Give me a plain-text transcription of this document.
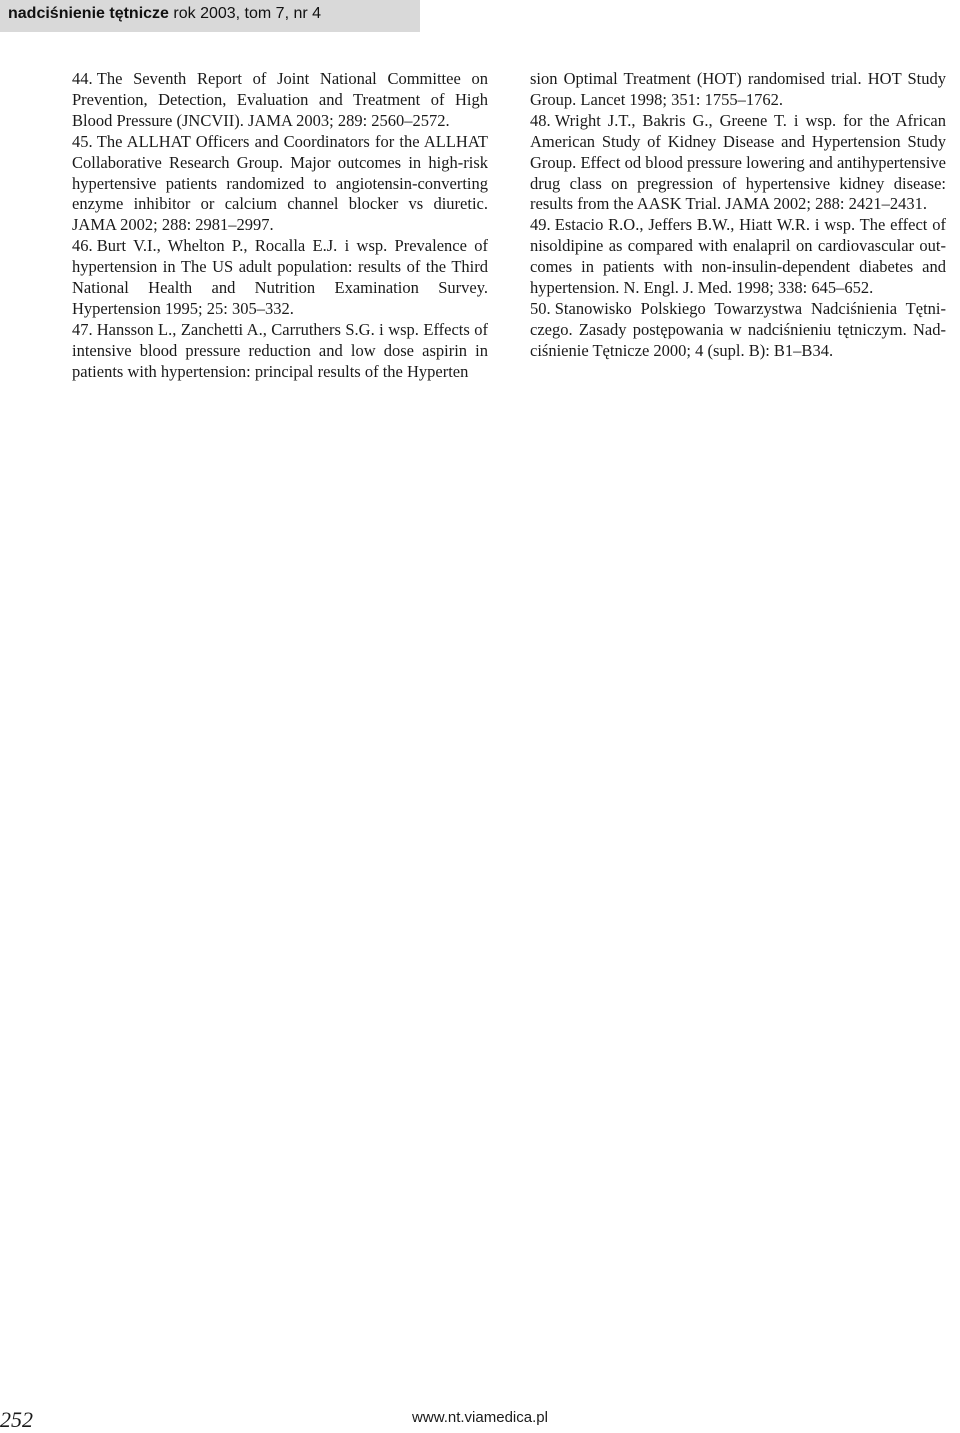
nadciśnienie tętnicze rok 2003, tom 7, nr 4

44. The Seventh Report of Joint National Committee on Prevention, Detection, Evaluation and Treatment of High Blood Pressure (JNCVII). JAMA 2003; 289: 2560–2572.

45. The ALLHAT Officers and Coordinators for the ALLHAT Collaborative Research Group. Major outcomes in high-risk hypertensive patients randomized to angiotensin-converting enzyme inhibitor or calcium channel blocker vs diuretic. JAMA 2002; 288: 2981–2997.

46. Burt V.I., Whelton P., Rocalla E.J. i wsp. Prevalence of hypertension in The US adult population: results of the Third National Health and Nutrition Examination Survey. Hypertension 1995; 25: 305–332.

47. Hansson L., Zanchetti A., Carruthers S.G. i wsp. Effects of intensive blood pressure reduction and low dose aspirin in patients with hypertension: principal results of the Hyperten

sion Optimal Treatment (HOT) randomised trial. HOT Study Group. Lancet 1998; 351: 1755–1762.

48. Wright J.T., Bakris G., Greene T. i wsp. for the African American Study of Kidney Disease and Hypertension Study Group. Effect od blood pressure lowering and antihypertensive drug class on pregression of hypertensive kidney disease: results from the AASK Trial. JAMA 2002; 288: 2421–2431.

49. Estacio R.O., Jeffers B.W., Hiatt W.R. i wsp. The effect of nisoldipine as compared with enalapril on cardiovascular outcomes in patients with non-insulin-dependent diabetes and hypertension. N. Engl. J. Med. 1998; 338: 645–652.

50. Stanowisko Polskiego Towarzystwa Nadciśnienia Tętniczego. Zasady postępowania w nadciśnieniu tętniczym. Nadciśnienie Tętnicze 2000; 4 (supl. B): B1–B34.

252	www.nt.viamedica.pl
